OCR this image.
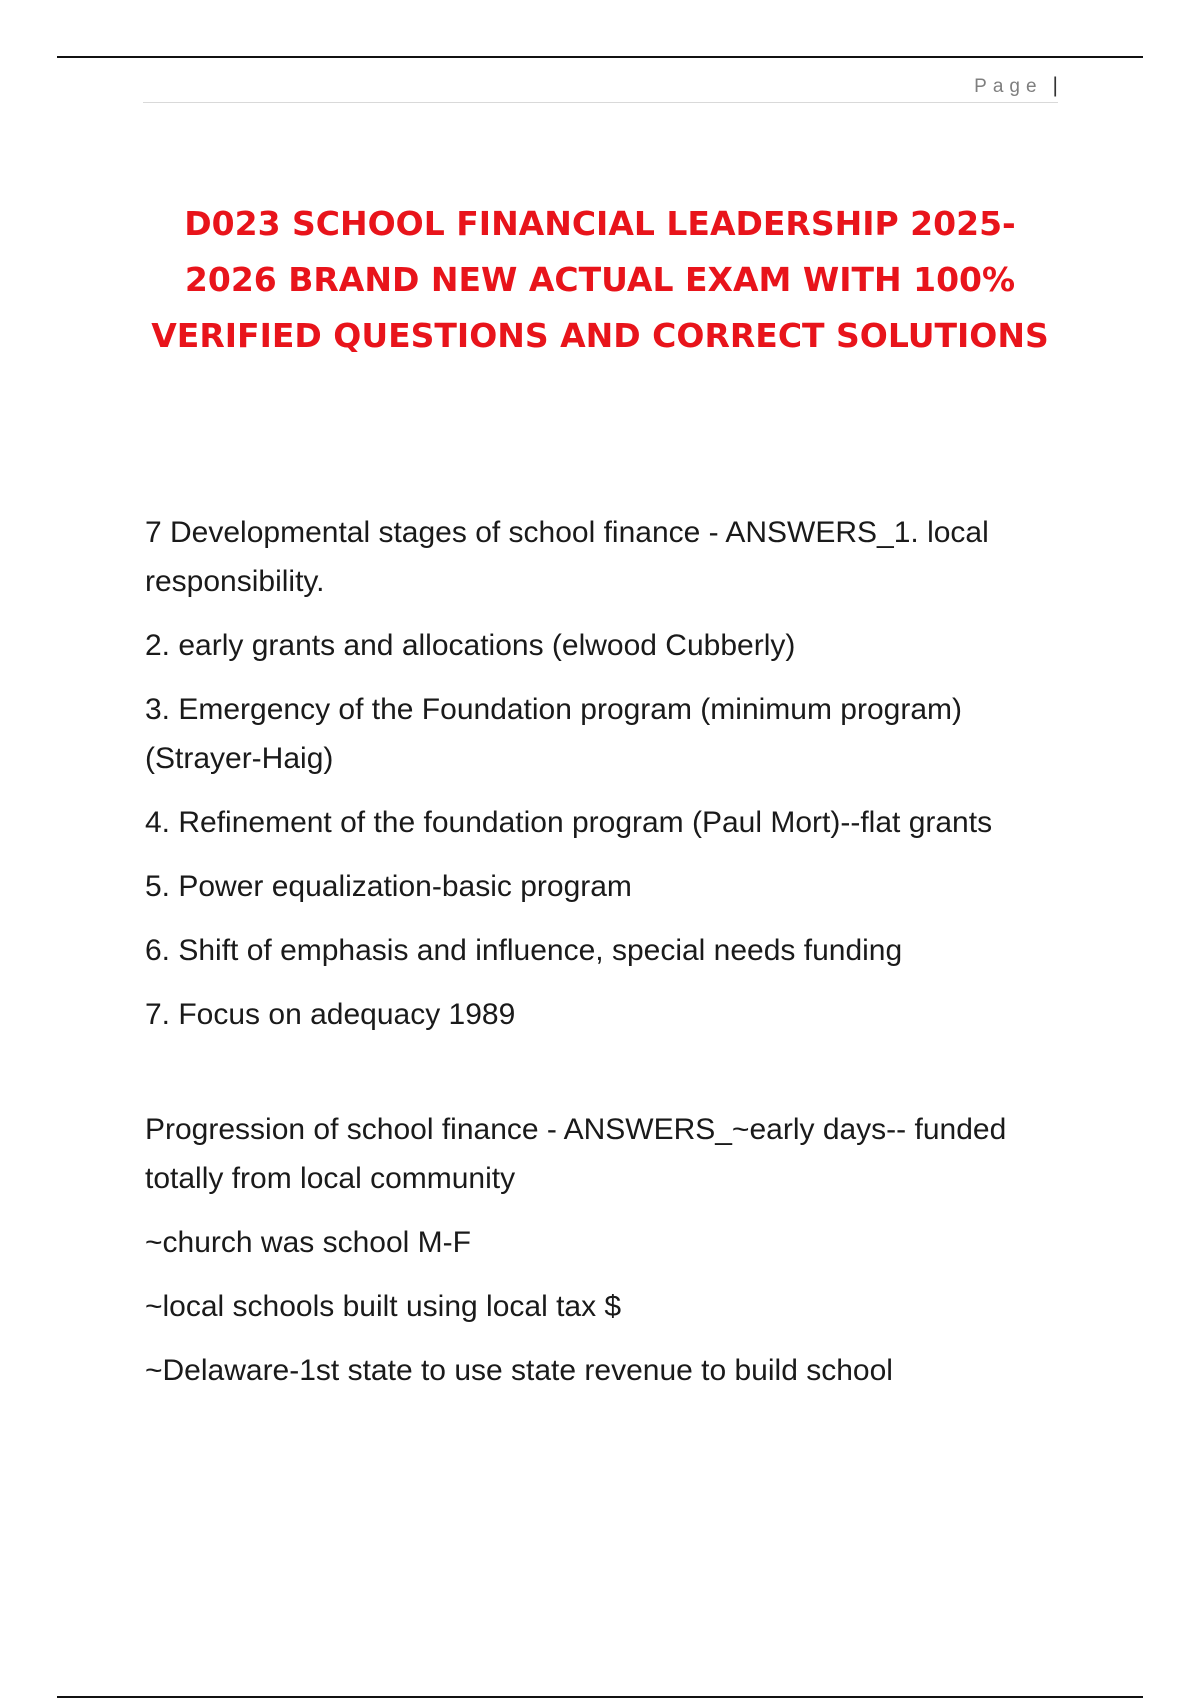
Page |
D023 SCHOOL FINANCIAL LEADERSHIP 2025-2026 BRAND NEW ACTUAL EXAM WITH 100% VERIFIED QUESTIONS AND CORRECT SOLUTIONS

7 Developmental stages of school finance - ANSWERS_1. local responsibility.

2. early grants and allocations (elwood Cubberly)

3. Emergency of the Foundation program (minimum program) (Strayer-Haig)

4. Refinement of the foundation program (Paul Mort)--flat grants

5. Power equalization-basic program

6. Shift of emphasis and influence, special needs funding

7. Focus on adequacy 1989

Progression of school finance - ANSWERS_~early days-- funded totally from local community

~church was school M-F

~local schools built using local tax $

~Delaware-1st state to use state revenue to build school
